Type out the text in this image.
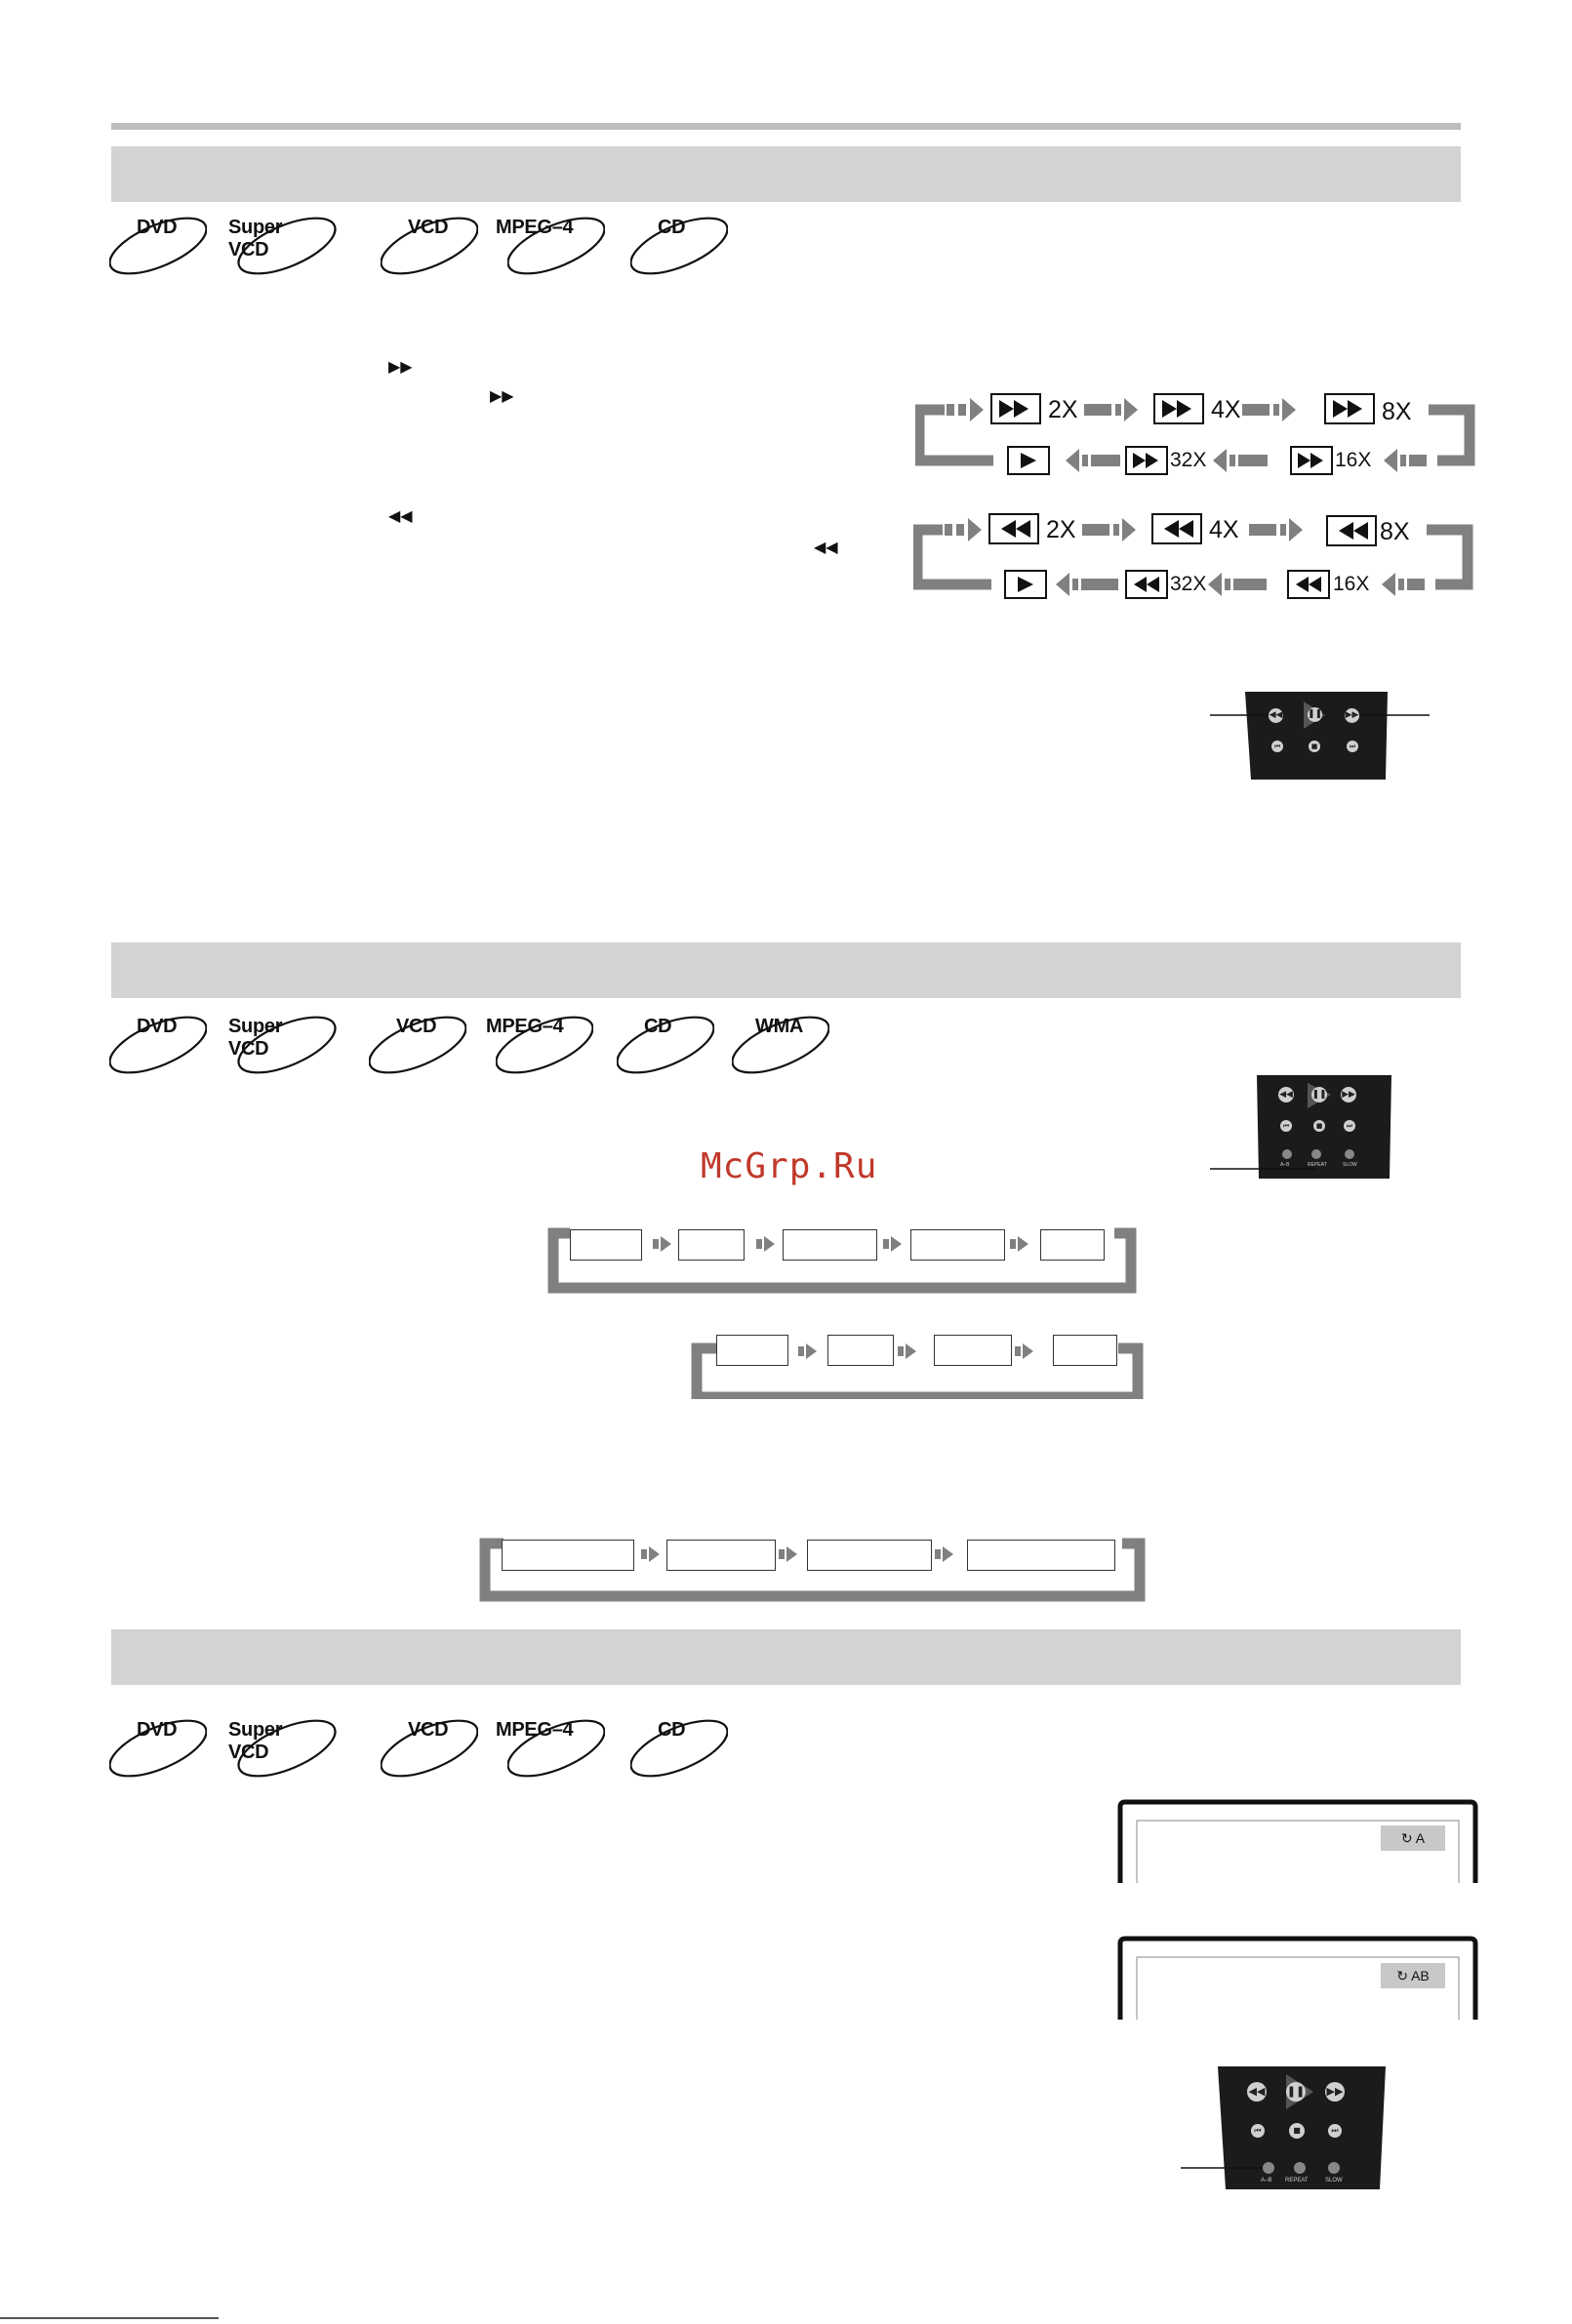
DVD	Super VCD
VCD	MPEG–4	CD
▶▶
▶▶
◀◀
◀◀
2X	4X	8X
32X	16X
2X	4X	8X
32X	16X
◀◀	❚❚	▶▶
⏮	■	⏭
DVD	Super VCD
VCD	MPEG–4	CD	WMA
◀◀ ❚❚ ▶▶
⏮	■	⏭
A–B	REPEAT	SLOW
McGrp.Ru
DVD	Super VCD
VCD	MPEG–4	CD
↻ A
↻ AB
◀◀ ❚❚ ▶▶
⏮	■	⏭
A–B REPEAT	SLOW
